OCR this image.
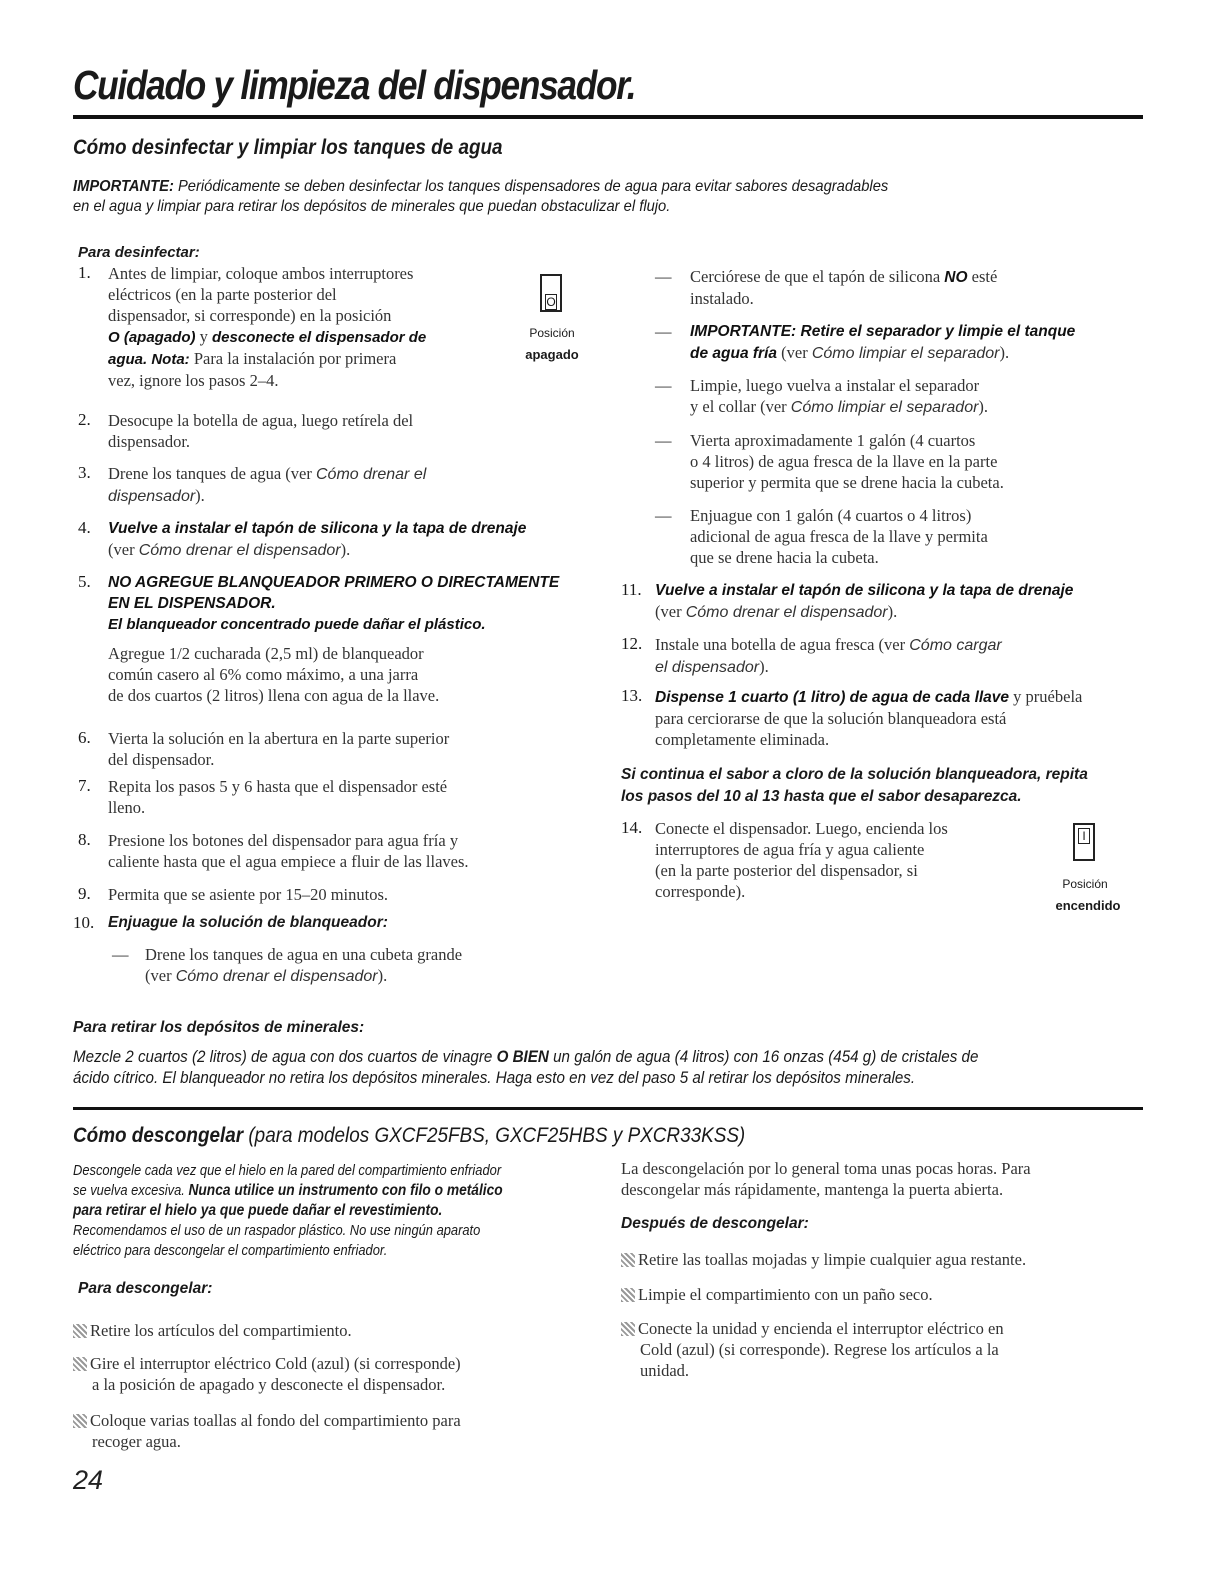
Cuidado y limpieza del dispensador.
Cómo desinfectar y limpiar los tanques de agua
IMPORTANTE: Periódicamente se deben desinfectar los tanques dispensadores de agua para evitar sabores desagradables
en el agua y limpiar para retirar los depósitos de minerales que puedan obstaculizar el flujo.
Para desinfectar:
1. Antes de limpiar, coloque ambos interruptores
eléctricos (en la parte posterior del
dispensador, si corresponde) en la posición
O (apagado) y desconecte el dispensador de
agua. Nota: Para la instalación por primera
vez, ignore los pasos 2–4.
O
Posición
apagado
2. Desocupe la botella de agua, luego retírela del
dispensador.
3. Drene los tanques de agua (ver Cómo drenar el
dispensador).
4. Vuelve a instalar el tapón de silicona y la tapa de drenaje
(ver Cómo drenar el dispensador).
5. NO AGREGUE BLANQUEADOR PRIMERO O DIRECTAMENTE
EN EL DISPENSADOR.
El blanqueador concentrado puede dañar el plástico.
Agregue 1/2 cucharada (2,5 ml) de blanqueador
común casero al 6% como máximo, a una jarra
de dos cuartos (2 litros) llena con agua de la llave.
6. Vierta la solución en la abertura en la parte superior
del dispensador.
7. Repita los pasos 5 y 6 hasta que el dispensador esté
lleno.
8. Presione los botones del dispensador para agua fría y
caliente hasta que el agua empiece a fluir de las llaves.
9. Permita que se asiente por 15–20 minutos.
10. Enjuague la solución de blanqueador:
— Drene los tanques de agua en una cubeta grande
(ver Cómo drenar el dispensador).
— Cerciórese de que el tapón de silicona NO esté
instalado.
— IMPORTANTE: Retire el separador y limpie el tanque
de agua fría (ver Cómo limpiar el separador).
— Limpie, luego vuelva a instalar el separador
y el collar (ver Cómo limpiar el separador).
— Vierta aproximadamente 1 galón (4 cuartos
o 4 litros) de agua fresca de la llave en la parte
superior y permita que se drene hacia la cubeta.
— Enjuague con 1 galón (4 cuartos o 4 litros)
adicional de agua fresca de la llave y permita
que se drene hacia la cubeta.
11. Vuelve a instalar el tapón de silicona y la tapa de drenaje
(ver Cómo drenar el dispensador).
12. Instale una botella de agua fresca (ver Cómo cargar
el dispensador).
13. Dispense 1 cuarto (1 litro) de agua de cada llave y pruébela
para cerciorarse de que la solución blanqueadora está
completamente eliminada.
Si continua el sabor a cloro de la solución blanqueadora, repita
los pasos del 10 al 13 hasta que el sabor desaparezca.
14. Conecte el dispensador. Luego, encienda los
interruptores de agua fría y agua caliente
(en la parte posterior del dispensador, si
corresponde).
I
Posición
encendido
Para retirar los depósitos de minerales:
Mezcle 2 cuartos (2 litros) de agua con dos cuartos de vinagre O BIEN un galón de agua (4 litros) con 16 onzas (454 g) de cristales de
ácido cítrico. El blanqueador no retira los depósitos minerales. Haga esto en vez del paso 5 al retirar los depósitos minerales.
Cómo descongelar (para modelos GXCF25FBS, GXCF25HBS y PXCR33KSS)
Descongele cada vez que el hielo en la pared del compartimiento enfriador
se vuelva excesiva. Nunca utilice un instrumento con filo o metálico
para retirar el hielo ya que puede dañar el revestimiento.
Recomendamos el uso de un raspador plástico. No use ningún aparato
eléctrico para descongelar el compartimiento enfriador.
Para descongelar:
Retire los artículos del compartimiento.
Gire el interruptor eléctrico Cold (azul) (si corresponde)
a la posición de apagado y desconecte el dispensador.
Coloque varias toallas al fondo del compartimiento para
recoger agua.
La descongelación por lo general toma unas pocas horas. Para
descongelar más rápidamente, mantenga la puerta abierta.
Después de descongelar:
Retire las toallas mojadas y limpie cualquier agua restante.
Limpie el compartimiento con un paño seco.
Conecte la unidad y encienda el interruptor eléctrico en
Cold (azul) (si corresponde). Regrese los artículos a la
unidad.
24
